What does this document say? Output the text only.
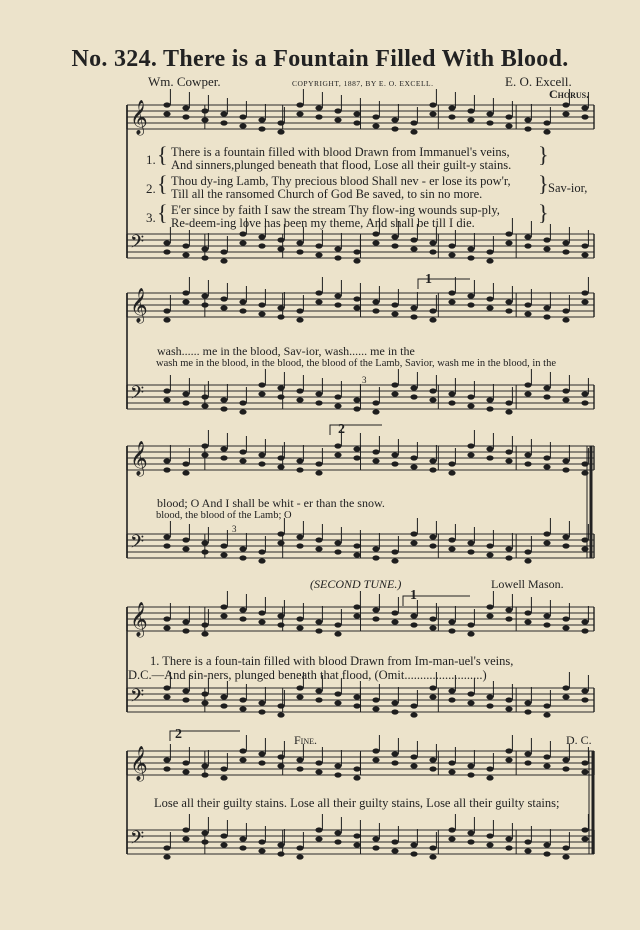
No. 324. There is a Fountain Filled With Blood.
Wm. Cowper.	COPYRIGHT, 1887, BY E. O. EXCELL.	E. O. Excell.
Chorus.
𝄞
𝄢
𝄞
𝄢
𝄞
𝄢
𝄞
𝄢
𝄞
𝄢
1.
2.
3.
{
{
{
There is a fountain filled with blood Drawn from Immanuel's veins,
And sinners,plunged beneath that flood, Lose all their guilt-y stains.
Thou dy-ing Lamb, Thy precious blood Shall nev - er lose its pow'r,
Till all the ransomed Church of God Be saved, to sin no more.
E'er since by faith I saw the stream Thy flow-ing wounds sup-ply,
Re-deem-ing love has been my theme, And shall be till I die.
}
}
}
Sav-ior,
1
wash...... me in the blood, Sav-ior, wash...... me in the
wash me in the blood, in the blood, the blood of the Lamb, Savior, wash me in the blood, in the
3
2
blood; O And I shall be whit - er than the snow.
blood, the blood of the Lamb; O
3
(SECOND TUNE.)	Lowell Mason.
1
1. There is a foun-tain filled with blood Drawn from Im-man-uel's veins,
D.C.—And sin-ners, plunged beneath that flood, (Omit.........................)
2	Fine.	D. C.
Lose all their guilty stains. Lose all their guilty stains, Lose all their guilty stains;
